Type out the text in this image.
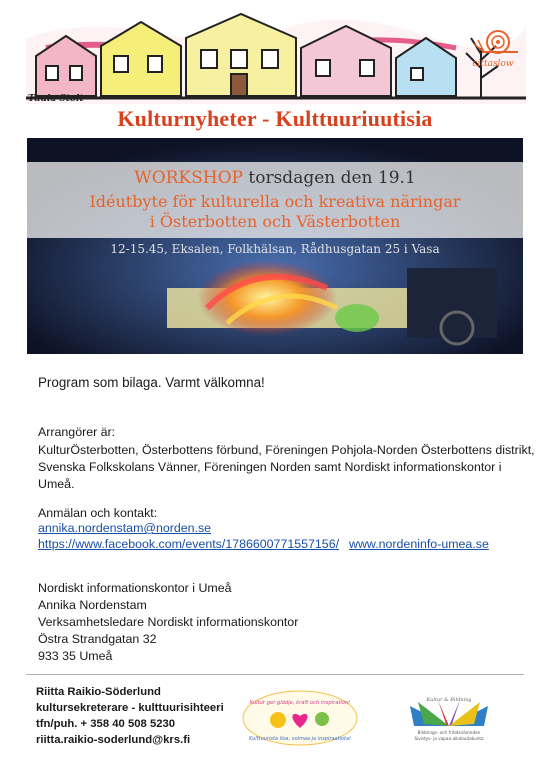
cittaslow
Tuula Stolt
Kulturnyheter - Kulttuuriuutisia
WORKSHOP torsdagen den 19.1
Idéutbyte för kulturella och kreativa näringar
i Österbotten och Västerbotten
12-15.45, Eksalen, Folkhälsan, Rådhusgatan 25 i Vasa
Program som bilaga. Varmt välkomna!
Arrangörer är:
KulturÖsterbotten, Österbottens förbund, Föreningen Pohjola-Norden Österbottens distrikt,
Svenska Folkskolans Vänner, Föreningen Norden samt Nordiskt informationskontor i Umeå.
Anmälan och kontakt:
annika.nordenstam@norden.se
https://www.facebook.com/events/1786600771557156/ www.nordeninfo-umea.se
Nordiskt informationskontor i Umeå
Annika Nordenstam
Verksamhetsledare Nordiskt informationskontor
Östra Strandgatan 32
933 35 Umeå
Riitta Raikio-Söderlund
kultursekreterare - kulttuurisihteeri
tfn/puh. + 358 40 508 5230
riitta.raikio-soderlund@krs.fi
Kultur ger glädje, kraft och inspiration!
Kulttuurista iloa, voimaa ja inspiraatiota!
Kultur & Bildning
Bildnings- och fritidsnämnden
Sivistys- ja vapaa-aikalautakunta
